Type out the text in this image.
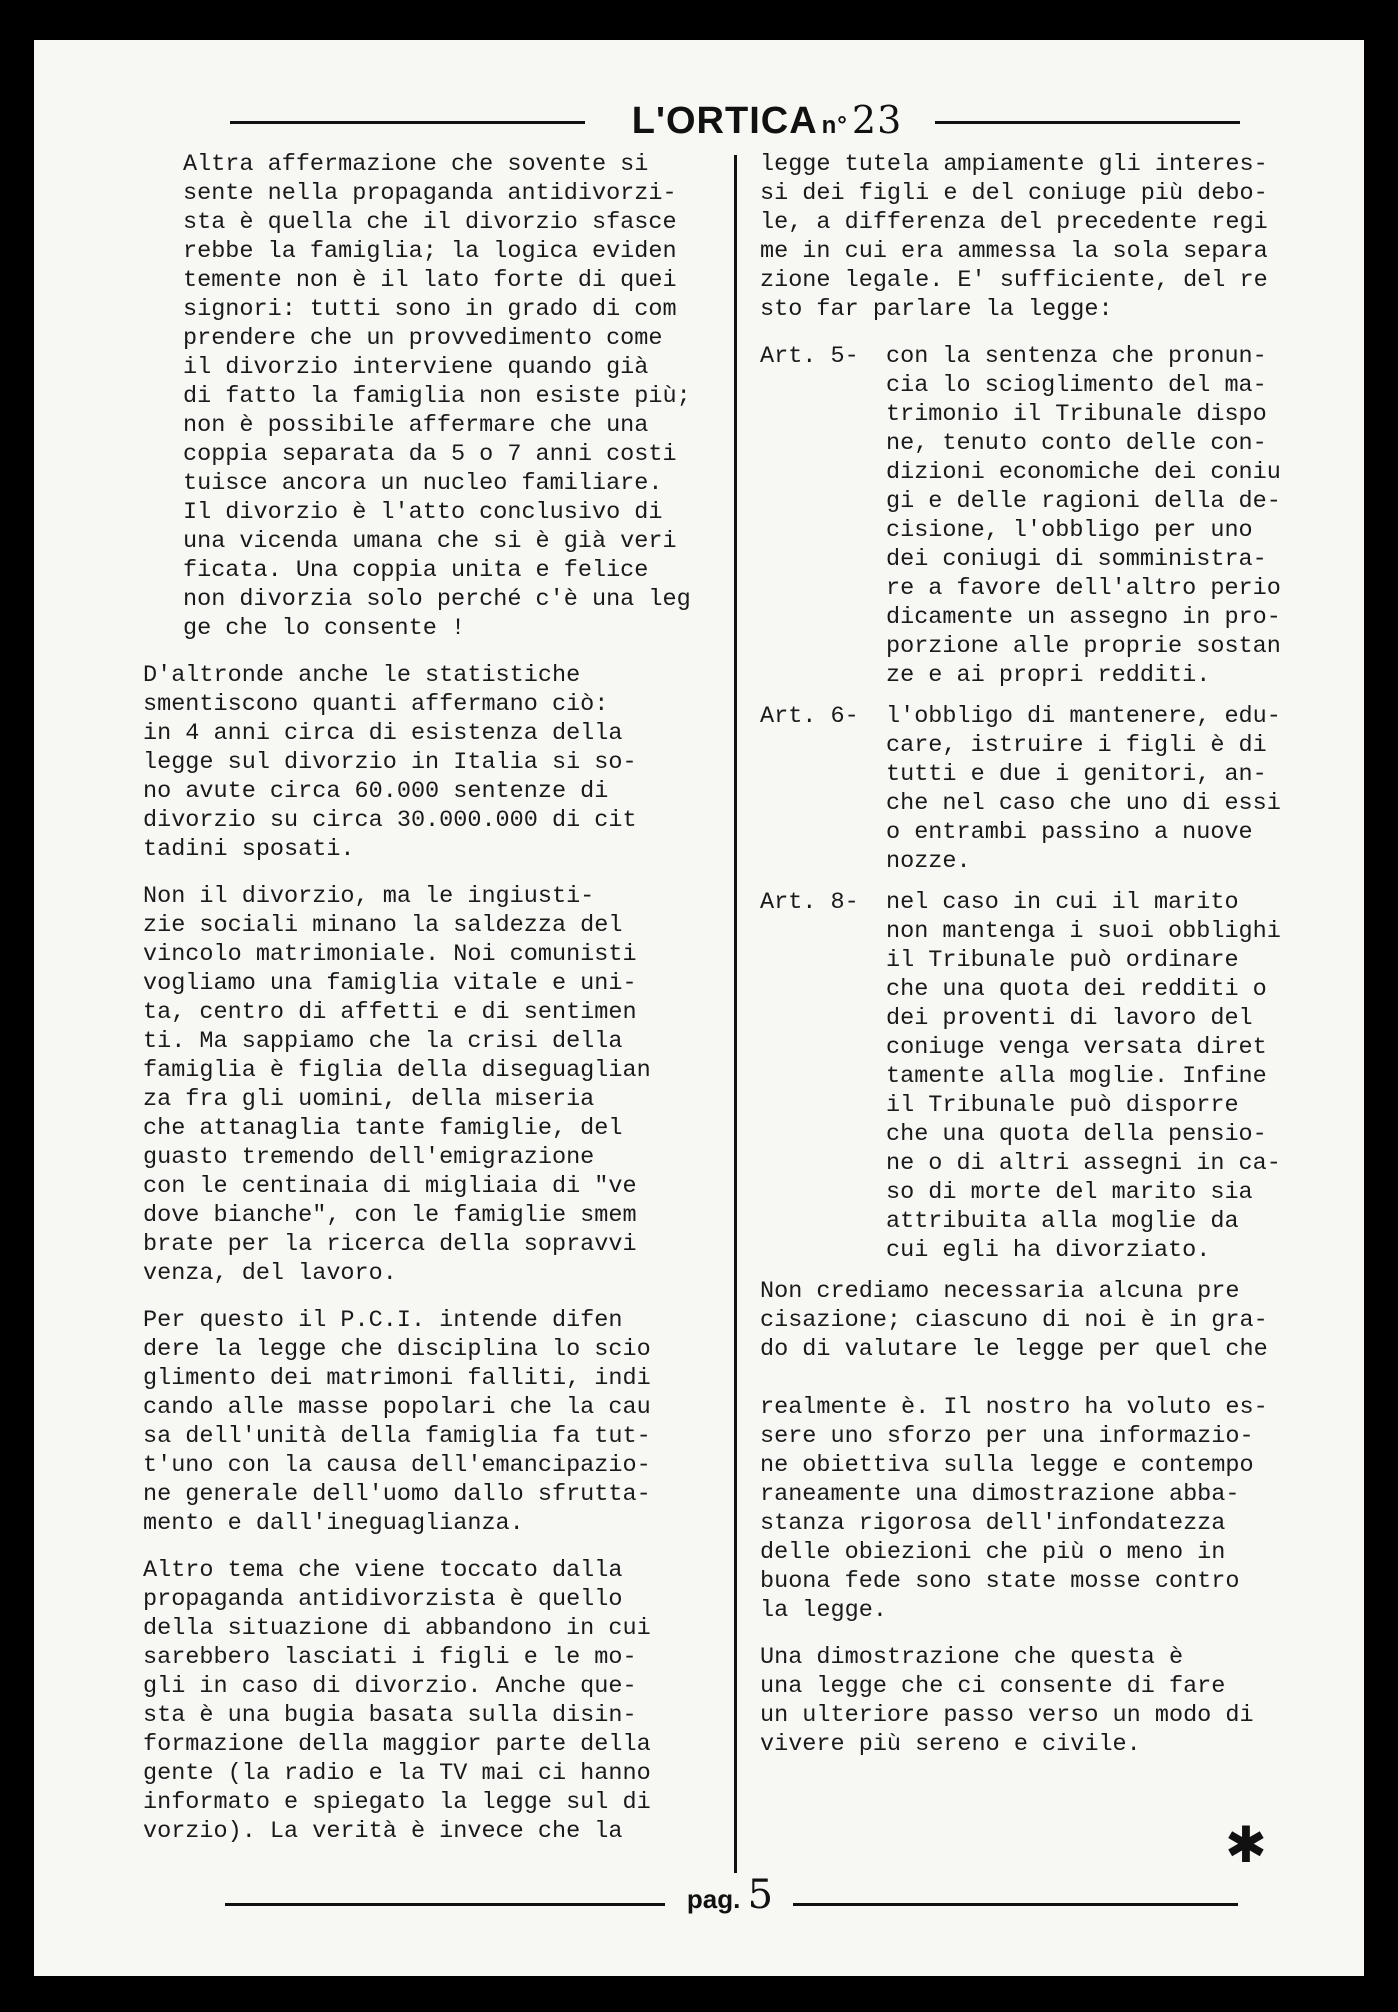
L'ORTICA n° 23

Altra affermazione che sovente si
sente nella propaganda antidivorzi-
sta è quella che il divorzio sfasce
rebbe la famiglia; la logica eviden
temente non è il lato forte di quei
signori: tutti sono in grado di com
prendere che un provvedimento come
il divorzio interviene quando già
di fatto la famiglia non esiste più;
non è possibile affermare che una
coppia separata da 5 o 7 anni costi
tuisce ancora un nucleo familiare.
Il divorzio è l'atto conclusivo di
una vicenda umana che si è già veri
ficata. Una coppia unita e felice
non divorzia solo perché c'è una leg
ge che lo consente !

D'altronde anche le statistiche
smentiscono quanti affermano ciò:
in 4 anni circa di esistenza della
legge sul divorzio in Italia si so-
no avute circa 60.000 sentenze di
divorzio su circa 30.000.000 di cit
tadini sposati.

Non il divorzio, ma le ingiusti-
zie sociali minano la saldezza del
vincolo matrimoniale. Noi comunisti
vogliamo una famiglia vitale e uni-
ta, centro di affetti e di sentimen
ti. Ma sappiamo che la crisi della
famiglia è figlia della diseguaglian
za fra gli uomini, della miseria
che attanaglia tante famiglie, del
guasto tremendo dell'emigrazione
con le centinaia di migliaia di "ve
dove bianche", con le famiglie smem
brate per la ricerca della sopravvi
venza, del lavoro.

Per questo il P.C.I. intende difen
dere la legge che disciplina lo scio
glimento dei matrimoni falliti, indi
cando alle masse popolari che la cau
sa dell'unità della famiglia fa tut-
t'uno con la causa dell'emancipazio-
ne generale dell'uomo dallo sfrutta-
mento e dall'ineguaglianza.

Altro tema che viene toccato dalla
propaganda antidivorzista è quello
della situazione di abbandono in cui
sarebbero lasciati i figli e le mo-
gli in caso di divorzio. Anche que-
sta è una bugia basata sulla disin-
formazione della maggior parte della
gente (la radio e la TV mai ci hanno
informato e spiegato la legge sul di
vorzio). La verità è invece che la

legge tutela ampiamente gli interes-
si dei figli e del coniuge più debo-
le, a differenza del precedente regi
me in cui era ammessa la sola separa
zione legale. E' sufficiente, del re
sto far parlare la legge:

Art. 5-	con la sentenza che pronun-
cia lo scioglimento del ma-
trimonio il Tribunale dispo
ne, tenuto conto delle con-
dizioni economiche dei coniu
gi e delle ragioni della de-
cisione, l'obbligo per uno
dei coniugi di somministra-
re a favore dell'altro perio
dicamente un assegno in pro-
porzione alle proprie sostan
ze e ai propri redditi.
Art. 6-	l'obbligo di mantenere, edu-
care, istruire i figli è di
tutti e due i genitori, an-
che nel caso che uno di essi
o entrambi passino a nuove
nozze.
Art. 8-	nel caso in cui il marito
non mantenga i suoi obblighi
il Tribunale può ordinare
che una quota dei redditi o
dei proventi di lavoro del
coniuge venga versata diret
tamente alla moglie. Infine
il Tribunale può disporre
che una quota della pensio-
ne o di altri assegni in ca-
so di morte del marito sia
attribuita alla moglie da
cui egli ha divorziato.

Non crediamo necessaria alcuna pre
cisazione; ciascuno di noi è in gra-
do di valutare le legge per quel che

realmente è. Il nostro ha voluto es-
sere uno sforzo per una informazio-
ne obiettiva sulla legge e contempo
raneamente una dimostrazione abba-
stanza rigorosa dell'infondatezza
delle obiezioni che più o meno in
buona fede sono state mosse contro
la legge.

Una dimostrazione che questa è
una legge che ci consente di fare
un ulteriore passo verso un modo di
vivere più sereno e civile.

✱
pag. 5
